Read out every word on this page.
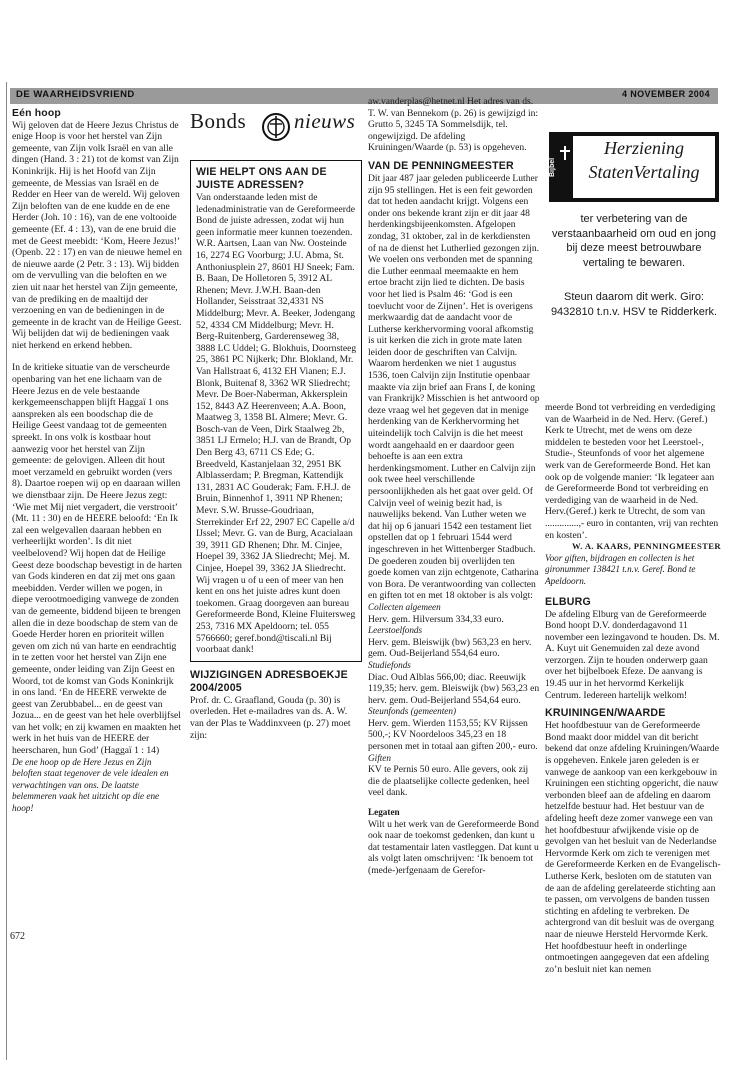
DE WAARHEIDSVRIEND	4 NOVEMBER 2004

Eén hoop

Wij geloven dat de Heere Jezus Christus de enige Hoop is voor het herstel van Zijn gemeente, van Zijn volk Israël en van alle dingen (Hand. 3 : 21) tot de komst van Zijn Koninkrijk. Hij is het Hoofd van Zijn gemeente, de Messias van Israël en de Redder en Heer van de wereld. Wij geloven Zijn beloften van de ene kudde en de ene Herder (Joh. 10 : 16), van de ene voltooide gemeente (Ef. 4 : 13), van de ene bruid die met de Geest meebidt: ‘Kom, Heere Jezus!’ (Openb. 22 : 17) en van de nieuwe hemel en de nieuwe aarde (2 Petr. 3 : 13). Wij bidden om de vervulling van die beloften en we zien uit naar het herstel van Zijn gemeente, van de prediking en de maaltijd der verzoening en van de bedieningen in de gemeente in de kracht van de Heilige Geest. Wij belijden dat wij de bedieningen vaak niet herkend en erkend hebben.

In de kritieke situatie van de verscheurde openbaring van het ene lichaam van de Heere Jezus en de vele bestaande kerkgemeenschappen blijft Haggaï 1 ons aanspreken als een boodschap die de Heilige Geest vandaag tot de gemeenten spreekt. In ons volk is kostbaar hout aanwezig voor het herstel van Zijn gemeente: de gelovigen. Alleen dit hout moet verzameld en gebruikt worden (vers 8). Daartoe roepen wij op en daaraan willen we dienstbaar zijn. De Heere Jezus zegt: ‘Wie met Mij niet vergadert, die verstrooit’ (Mt. 11 : 30) en de HEERE beloofd: ‘En Ik zal een welgevallen daaraan hebben en verheerlijkt worden’. Is dit niet veelbelovend? Wij hopen dat de Heilige Geest deze boodschap bevestigt in de harten van Gods kinderen en dat zij met ons gaan meebidden. Verder willen we pogen, in diepe verootmoediging vanwege de zonden van de gemeente, biddend bijeen te brengen allen die in deze boodschap de stem van de Goede Herder horen en prioriteit willen geven om zich nú van harte en eendrachtig in te zetten voor het herstel van Zijn ene gemeente, onder leiding van Zijn Geest en Woord, tot de komst van Gods Koninkrijk in ons land. ‘En de HEERE verwekte de geest van Zerubbabel... en de geest van Jozua... en de geest van het hele overblijfsel van het volk; en zij kwamen en maakten het werk in het huis van de HEERE der heerscharen, hun God’ (Haggaï 1 : 14)

De ene hoop op de Here Jezus en Zijn beloften staat tegenover de vele idealen en verwachtingen van ons. De laatste belemmeren vaak het uitzicht op die ene hoop!

672
Bonds nieuws

WIE HELPT ONS AAN DE JUISTE ADRESSEN?

Van onderstaande leden mist de ledenadministratie van de Gereformeerde Bond de juiste adressen, zodat wij hun geen informatie meer kunnen toezenden. W.R. Aartsen, Laan van Nw. Oosteinde 16, 2274 EG Voorburg; J.U. Abma, St. Anthoniusplein 27, 8601 HJ Sneek; Fam. B. Baan, De Holletoren 5, 3912 AL Rhenen; Mevr. J.W.H. Baan-den Hollander, Seisstraat 32,4331 NS Middelburg; Mevr. A. Beeker, Jodengang 52, 4334 CM Middelburg; Mevr. H. Berg-Ruitenberg, Garderenseweg 38, 3888 LC Uddel; G. Blokhuis, Doornsteeg 25, 3861 PC Nijkerk; Dhr. Blokland, Mr. Van Hallstraat 6, 4132 EH Vianen; E.J. Blonk, Buitenaf 8, 3362 WR Sliedrecht; Mevr. De Boer-Naberman, Akkersplein 152, 8443 AZ Heerenveen; A.A. Boon, Maatweg 3, 1358 BL Almere; Mevr. G. Bosch-van de Veen, Dirk Staalweg 2b, 3851 LJ Ermelo; H.J. van de Brandt, Op Den Berg 43, 6711 CS Ede; G. Breedveld, Kastanjelaan 32, 2951 BK Alblasserdam; P. Bregman, Kattendijk 131, 2831 AC Gouderak; Fam. F.H.J. de Bruin, Binnenhof 1, 3911 NP Rhenen; Mevr. S.W. Brusse-Goudriaan, Sterrekinder Erf 22, 2907 EC Capelle a/d IJssel; Mevr. G. van de Burg, Acacialaan 39, 3911 GD Rhenen; Dhr. M. Cinjee, Hoepel 39, 3362 JA Sliedrecht; Mej. M. Cinjee, Hoepel 39, 3362 JA Sliedrecht. Wij vragen u of u een of meer van hen kent en ons het juiste adres kunt doen toekomen. Graag doorgeven aan bureau Gereformeerde Bond, Kleine Fluitersweg 253, 7316 MX Apeldoorn; tel. 055 5766660; geref.bond@tiscali.nl Bij voorbaat dank!

WIJZIGINGEN ADRESBOEKJE 2004/2005

Prof. dr. C. Graafland, Gouda (p. 30) is overleden. Het e-mailadres van ds. A. W. van der Plas te Waddinxveen (p. 27) moet zijn:

aw.vanderplas@hetnet.nl Het adres van ds. T. W. van Bennekom (p. 26) is gewijzigd in: Grutto 5, 3245 TA Sommelsdijk, tel. ongewijzigd. De afdeling Kruiningen/Waarde (p. 53) is opgeheven.

VAN DE PENNINGMEESTER

Dit jaar 487 jaar geleden publiceerde Luther zijn 95 stellingen. Het is een feit geworden dat tot heden aandacht krijgt. Volgens een onder ons bekende krant zijn er dit jaar 48 herdenkingsbijeenkomsten. Afgelopen zondag, 31 oktober, zal in de kerkdiensten of na de dienst het Lutherlied gezongen zijn. We voelen ons verbonden met de spanning die Luther eenmaal meemaakte en hem ertoe bracht zijn lied te dichten. De basis voor het lied is Psalm 46: ‘God is een toevlucht voor de Zijnen’. Het is overigens merkwaardig dat de aandacht voor de Lutherse kerkhervorming vooral afkomstig is uit kerken die zich in grote mate laten leiden door de geschriften van Calvijn. Waarom herdenken we niet 1 augustus 1536, toen Calvijn zijn Institutie openbaar maakte via zijn brief aan Frans I, de koning van Frankrijk? Misschien is het antwoord op deze vraag wel het gegeven dat in menige herdenking van de Kerkhervorming het uiteindelijk toch Calvijn is die het meest wordt aangehaald en er daardoor geen behoefte is aan een extra herdenkingsmoment. Luther en Calvijn zijn ook twee heel verschillende persoonlijkheden als het gaat over geld. Of Calvijn veel of weinig bezit had, is nauwelijks bekend. Van Luther weten we dat hij op 6 januari 1542 een testament liet opstellen dat op 1 februari 1544 werd ingeschreven in het Wittenberger Stadbuch. De goederen zouden bij overlijden ten goede komen van zijn echtgenote, Catharina von Bora. De verantwoording van collecten en giften tot en met 18 oktober is als volgt:

Collecten algemeen

Herv. gem. Hilversum 334,33 euro.

Leerstoelfonds

Herv. gem. Bleiswijk (bw) 563,23 en herv. gem. Oud-Beijerland 554,64 euro.

Studiefonds

Diac. Oud Alblas 566,00; diac. Reeuwijk 119,35; herv. gem. Bleiswijk (bw) 563,23 en herv. gem. Oud-Beijerland 554,64 euro.

Steunfonds (gemeenten)

Herv. gem. Wierden 1153,55; KV Rijssen 500,-; KV Noordeloos 345,23 en 18 personen met in totaal aan giften 200,- euro.

Giften

KV te Pernis 50 euro. Alle gevers, ook zij die de plaatselijke collecte gedenken, heel veel dank.

Legaten

Wilt u het werk van de Gereformeerde Bond ook naar de toekomst gedenken, dan kunt u dat testamentair laten vastleggen. Dat kunt u als volgt laten omschrijven: ‘Ik benoem tot (mede-)erfgenaam de Gerefor-

Bijbel
Herziening
StatenVertaling
ter verbetering van de verstaanbaarheid om oud en jong bij deze meest betrouwbare vertaling te bewaren.
Steun daarom dit werk. Giro: 9432810 t.n.v. HSV te Ridderkerk.

meerde Bond tot verbreiding en verdediging van de Waarheid in de Ned. Herv. (Geref.) Kerk te Utrecht, met de wens om deze middelen te besteden voor het Leerstoel-, Studie-, Steunfonds of voor het algemene werk van de Gereformeerde Bond. Het kan ook op de volgende manier: ‘Ik legateer aan de Gereformeerde Bond tot verbreiding en verdediging van de waarheid in de Ned. Herv.(Geref.) kerk te Utrecht, de som van ..............,- euro in contanten, vrij van rechten en kosten’.

W. A. KAARS, PENNINGMEESTER

Voor giften, bijdragen en collecten is het gironummer 138421 t.n.v. Geref. Bond te Apeldoorn.

ELBURG

De afdeling Elburg van de Gereformeerde Bond hoopt D.V. donderdagavond 11 november een lezingavond te houden. Ds. M. A. Kuyt uit Genemuiden zal deze avond verzorgen. Zijn te houden onderwerp gaan over het bijbelboek Efeze. De aanvang is 19.45 uur in het hervormd Kerkelijk Centrum. Iedereen hartelijk welkom!

KRUININGEN/WAARDE

Het hoofdbestuur van de Gereformeerde Bond maakt door middel van dit bericht bekend dat onze afdeling Kruiningen/Waarde is opgeheven. Enkele jaren geleden is er vanwege de aankoop van een kerkgebouw in Kruiningen een stichting opgericht, die nauw verbonden bleef aan de afdeling en daarom hetzelfde bestuur had. Het bestuur van de afdeling heeft deze zomer vanwege een van het hoofdbestuur afwijkende visie op de gevolgen van het besluit van de Nederlandse Hervormde Kerk om zich te verenigen met de Gereformeerde Kerken en de Evangelisch-Lutherse Kerk, besloten om de statuten van de aan de afdeling gerelateerde stichting aan te passen, om vervolgens de banden tussen stichting en afdeling te verbreken. De achtergrond van dit besluit was de overgang naar de nieuwe Hersteld Hervormde Kerk. Het hoofdbestuur heeft in onderlinge ontmoetingen aangegeven dat een afdeling zo’n besluit niet kan nemen
